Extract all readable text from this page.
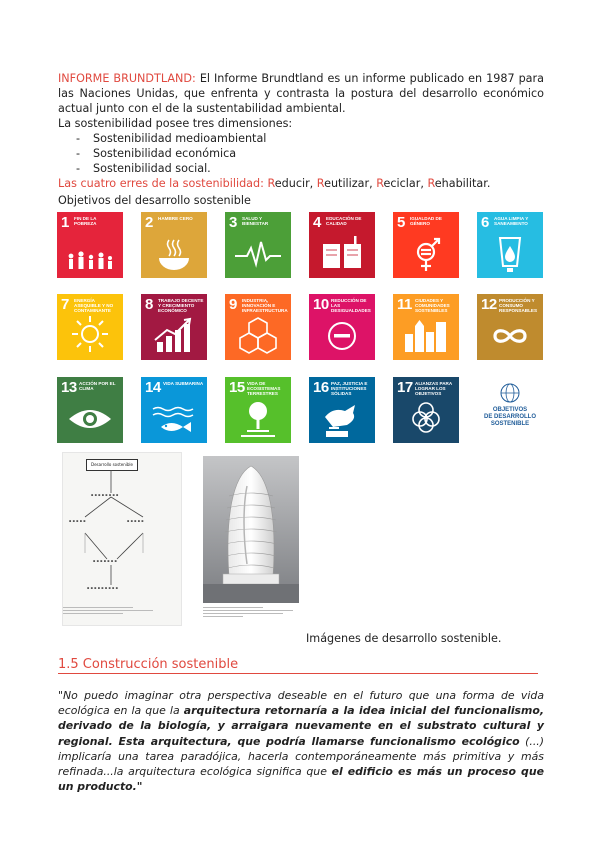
INFORME BRUNDTLAND: El Informe Brundtland es un informe publicado en 1987 para las Naciones Unidas, que enfrenta y contrasta la postura del desarrollo económico actual junto con el de la sustentabilidad ambiental.

La sostenibilidad posee tres dimensiones:

- Sostenibilidad medioambiental
- Sostenibilidad económica
- Sostenibilidad social.

Las cuatro erres de la sostenibilidad: Reducir, Reutilizar, Reciclar, Rehabilitar.

Objetivos del desarrollo sostenible
1 FIN DE LA POBREZA	2 HAMBRE CERO	3 SALUD Y BIENESTAR	4 EDUCACIÓN DE CALIDAD	5 IGUALDAD DE GÉNERO	6 AGUA LIMPIA Y SANEAMIENTO
7 ENERGÍA ASEQUIBLE Y NO CONTAMINANTE	8 TRABAJO DECENTE Y CRECIMIENTO ECONÓMICO	9 INDUSTRIA, INNOVACIÓN E INFRAESTRUCTURA 10 REDUCCIÓN DE LAS DESIGUALDADES 11 CIUDADES Y COMUNIDADES SOSTENIBLES	12 PRODUCCIÓN Y CONSUMO RESPONSABLES
13 ACCIÓN POR EL CLIMA	14 VIDA SUBMARINA 15 VIDA DE ECOSISTEMAS TERRESTRES	16 PAZ, JUSTICIA E INSTITUCIONES SÓLIDAS	17 ALIANZAS PARA LOGRAR LOS OBJETIVOS
OBJETIVOS
DE DESARROLLO
SOSTENIBLE
Desarrollo sostenible
▪ ▪ ▪ ▪ ▪ ▪ ▪ ▪
▪ ▪ ▪ ▪ ▪	▪ ▪ ▪ ▪ ▪
▪ ▪ ▪ ▪ ▪ ▪ ▪
▪ ▪ ▪ ▪ ▪ ▪ ▪ ▪ ▪
Imágenes de desarrollo sostenible.
1.5 Construcción sostenible
"No puedo imaginar otra perspectiva deseable en el futuro que una forma de vida ecológica en la que la arquitectura retornaría a la idea inicial del funcionalismo, derivado de la biología, y arraigara nuevamente en el substrato cultural y regional. Esta arquitectura, que podría llamarse funcionalismo ecológico (...) implicaría una tarea paradójica, hacerla contemporáneamente más primitiva y más refinada...la arquitectura ecológica significa que el edificio es más un proceso que un producto."
